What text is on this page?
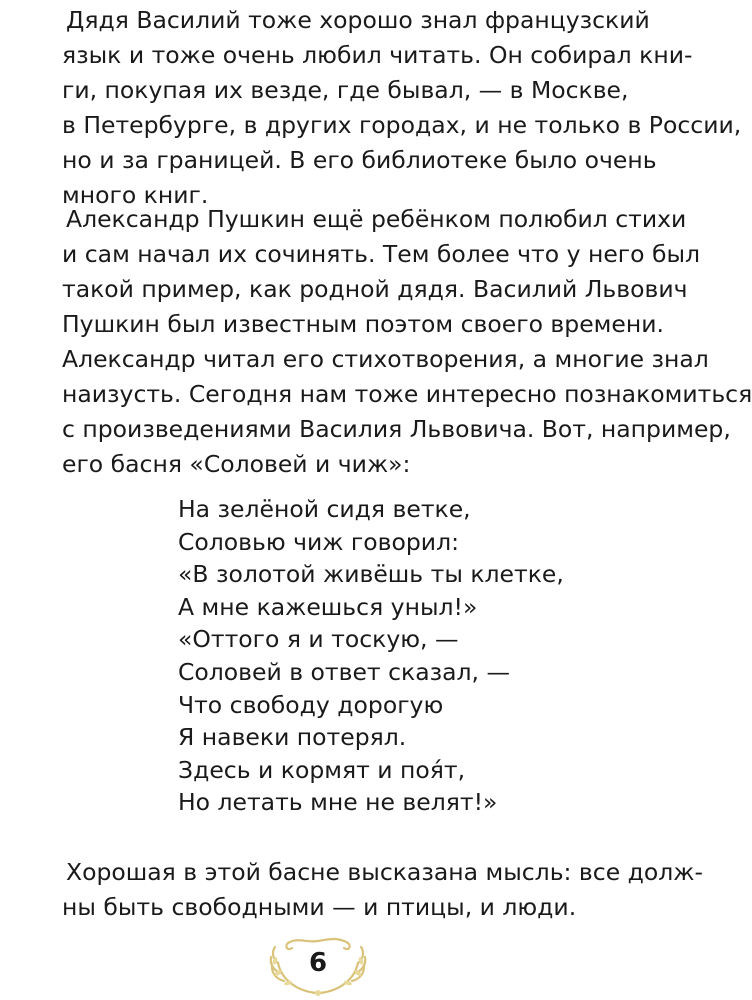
Дядя Василий тоже хорошо знал французский
язык и тоже очень любил читать. Он собирал кни-
ги, покупая их везде, где бывал, — в Москве,
в Петербурге, в других городах, и не только в России,
но и за границей. В его библиотеке было очень
много книг.

Александр Пушкин ещё ребёнком полюбил стихи
и сам начал их сочинять. Тем более что у него был
такой пример, как родной дядя. Василий Львович
Пушкин был известным поэтом своего времени.
Александр читал его стихотворения, а многие знал
наизусть. Сегодня нам тоже интересно познакомиться
с произведениями Василия Львовича. Вот, например,
его басня «Соловей и чиж»:

На зелёной сидя ветке,
Соловью чиж говорил:
«В золотой живёшь ты клетке,
А мне кажешься уныл!»
«Оттого я и тоскую, —
Соловей в ответ сказал, —
Что свободу дорогую
Я навеки потерял.
Здесь и кормят и поя́т,
Но летать мне не велят!»

Хорошая в этой басне высказана мысль: все долж-
ны быть свободными — и птицы, и люди.

6
